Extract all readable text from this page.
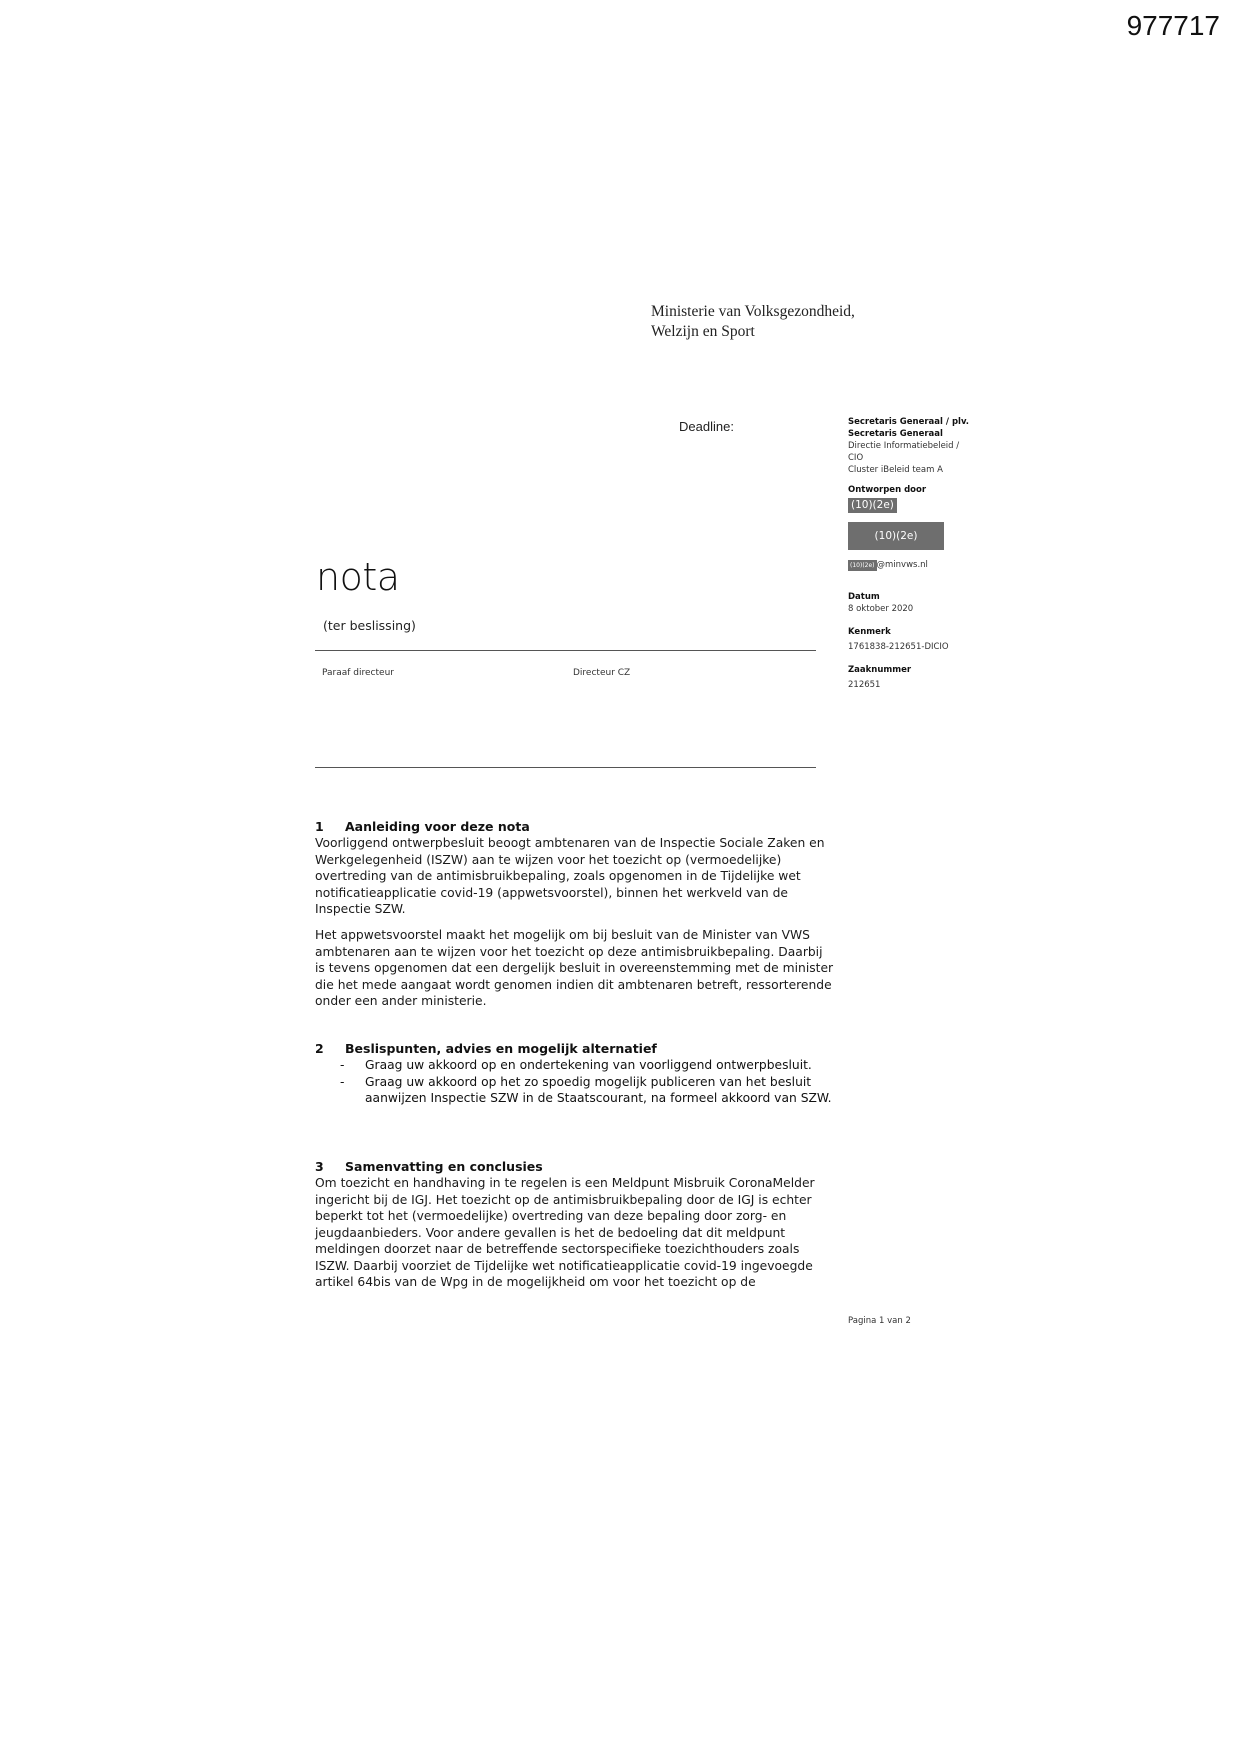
977717
Ministerie van Volksgezondheid,
Welzijn en Sport
Deadline:	Secretaris Generaal / plv.
Secretaris Generaal
Directie Informatiebeleid /
CIO
Cluster iBeleid team A
Ontworpen door
(10)(2e)
(10)(2e)
(10)(2e) @minvws.nl
Datum
8 oktober 2020
Kenmerk
1761838-212651-DICIO
Zaaknummer
212651
nota
(ter beslissing)
Paraaf directeur	Directeur CZ
1 Aanleiding voor deze nota
Voorliggend ontwerpbesluit beoogt ambtenaren van de Inspectie Sociale Zaken en Werkgelegenheid (ISZW) aan te wijzen voor het toezicht op (vermoedelijke) overtreding van de antimisbruikbepaling, zoals opgenomen in de Tijdelijke wet notificatieapplicatie covid-19 (appwetsvoorstel), binnen het werkveld van de Inspectie SZW.
Het appwetsvoorstel maakt het mogelijk om bij besluit van de Minister van VWS ambtenaren aan te wijzen voor het toezicht op deze antimisbruikbepaling. Daarbij is tevens opgenomen dat een dergelijk besluit in overeenstemming met de minister die het mede aangaat wordt genomen indien dit ambtenaren betreft, ressorterende onder een ander ministerie.
2 Beslispunten, advies en mogelijk alternatief
- Graag uw akkoord op en ondertekening van voorliggend ontwerpbesluit.
- Graag uw akkoord op het zo spoedig mogelijk publiceren van het besluit aanwijzen Inspectie SZW in de Staatscourant, na formeel akkoord van SZW.
3 Samenvatting en conclusies
Om toezicht en handhaving in te regelen is een Meldpunt Misbruik CoronaMelder ingericht bij de IGJ. Het toezicht op de antimisbruikbepaling door de IGJ is echter beperkt tot het (vermoedelijke) overtreding van deze bepaling door zorg- en jeugdaanbieders. Voor andere gevallen is het de bedoeling dat dit meldpunt meldingen doorzet naar de betreffende sectorspecifieke toezichthouders zoals ISZW. Daarbij voorziet de Tijdelijke wet notificatieapplicatie covid-19 ingevoegde artikel 64bis van de Wpg in de mogelijkheid om voor het toezicht op de
Pagina 1 van 2
